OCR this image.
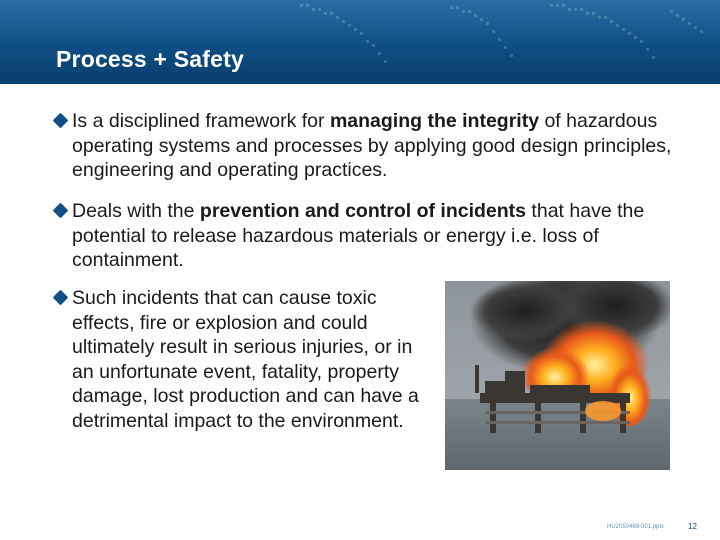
Process + Safety
Is a disciplined framework for managing the integrity of hazardous operating systems and processes by applying good design principles, engineering and operating practices.
Deals with the prevention and control of incidents that have the potential to release hazardous materials or energy i.e. loss of containment.
Such incidents that can cause toxic effects, fire or explosion and could ultimately result in serious injuries, or in an unfortunate event, fatality, property damage, lost production and can have a detrimental impact to the environment.
HU2050469-001.pptx	12
